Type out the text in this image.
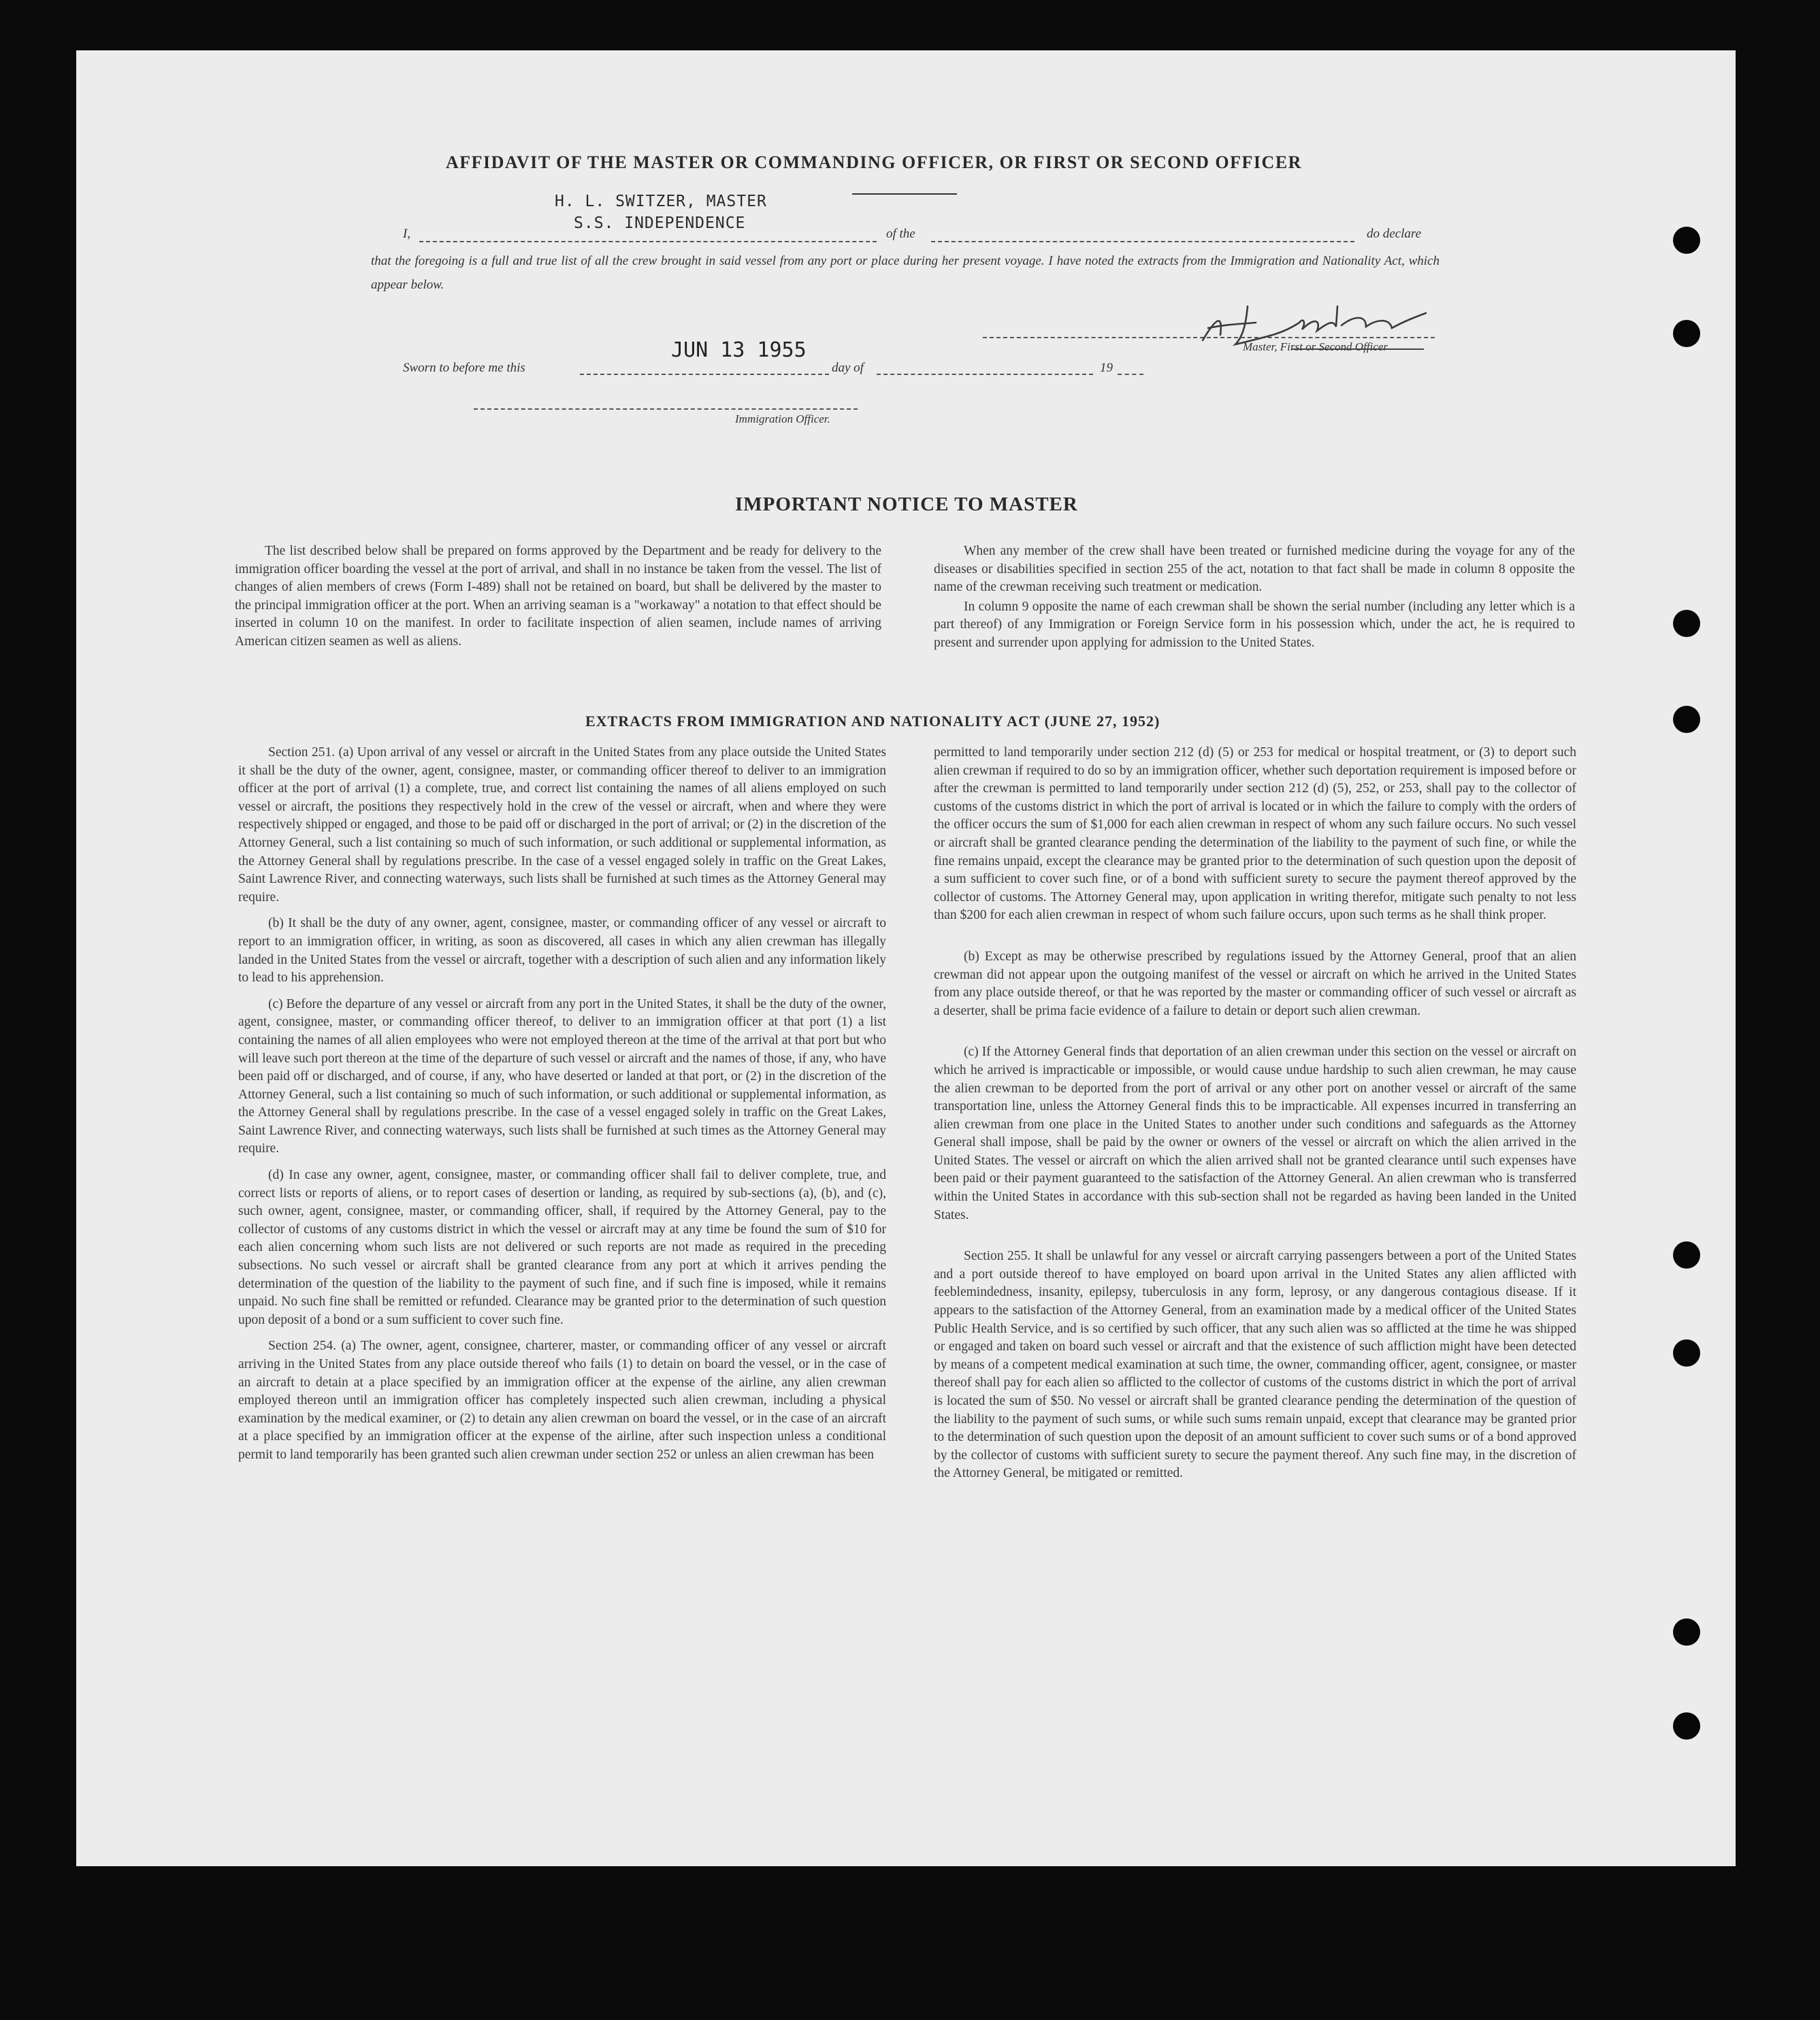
AFFIDAVIT OF THE MASTER OR COMMANDING OFFICER, OR FIRST OR SECOND OFFICER
H. L. SWITZER, MASTER
S.S. INDEPENDENCE
I,	of the	do declare
that the foregoing is a full and true list of all the crew brought in said vessel from any port or place during her present voyage. I have noted the extracts from the Immigration and Nationality Act, which appear below.
Master, First or Second Officer
JUN 13 1955
Sworn to before me this	day of	19
Immigration Officer.
IMPORTANT NOTICE TO MASTER

The list described below shall be prepared on forms approved by the Department and be ready for delivery to the immigration officer boarding the vessel at the port of arrival, and shall in no instance be taken from the vessel. The list of changes of alien members of crews (Form I-489) shall not be retained on board, but shall be delivered by the master to the principal immigration officer at the port. When an arriving seaman is a "workaway" a notation to that effect should be inserted in column 10 on the manifest. In order to facilitate inspection of alien seamen, include names of arriving American citizen seamen as well as aliens.

When any member of the crew shall have been treated or furnished medicine during the voyage for any of the diseases or disabilities specified in section 255 of the act, notation to that fact shall be made in column 8 opposite the name of the crewman receiving such treatment or medication.

In column 9 opposite the name of each crewman shall be shown the serial number (including any letter which is a part thereof) of any Immigration or Foreign Service form in his possession which, under the act, he is required to present and surrender upon applying for admission to the United States.

EXTRACTS FROM IMMIGRATION AND NATIONALITY ACT (JUNE 27, 1952)

Section 251. (a) Upon arrival of any vessel or aircraft in the United States from any place outside the United States it shall be the duty of the owner, agent, consignee, master, or commanding officer thereof to deliver to an immigration officer at the port of arrival (1) a complete, true, and correct list containing the names of all aliens employed on such vessel or aircraft, the positions they respectively hold in the crew of the vessel or aircraft, when and where they were respectively shipped or engaged, and those to be paid off or discharged in the port of arrival; or (2) in the discretion of the Attorney General, such a list containing so much of such information, or such additional or supplemental information, as the Attorney General shall by regulations prescribe. In the case of a vessel engaged solely in traffic on the Great Lakes, Saint Lawrence River, and connecting waterways, such lists shall be furnished at such times as the Attorney General may require.

(b) It shall be the duty of any owner, agent, consignee, master, or commanding officer of any vessel or aircraft to report to an immigration officer, in writing, as soon as discovered, all cases in which any alien crewman has illegally landed in the United States from the vessel or aircraft, together with a description of such alien and any information likely to lead to his apprehension.

(c) Before the departure of any vessel or aircraft from any port in the United States, it shall be the duty of the owner, agent, consignee, master, or commanding officer thereof, to deliver to an immigration officer at that port (1) a list containing the names of all alien employees who were not employed thereon at the time of the arrival at that port but who will leave such port thereon at the time of the departure of such vessel or aircraft and the names of those, if any, who have been paid off or discharged, and of course, if any, who have deserted or landed at that port, or (2) in the discretion of the Attorney General, such a list containing so much of such information, or such additional or supplemental information, as the Attorney General shall by regulations prescribe. In the case of a vessel engaged solely in traffic on the Great Lakes, Saint Lawrence River, and connecting waterways, such lists shall be furnished at such times as the Attorney General may require.

(d) In case any owner, agent, consignee, master, or commanding officer shall fail to deliver complete, true, and correct lists or reports of aliens, or to report cases of desertion or landing, as required by sub-sections (a), (b), and (c), such owner, agent, consignee, master, or commanding officer, shall, if required by the Attorney General, pay to the collector of customs of any customs district in which the vessel or aircraft may at any time be found the sum of $10 for each alien concerning whom such lists are not delivered or such reports are not made as required in the preceding subsections. No such vessel or aircraft shall be granted clearance from any port at which it arrives pending the determination of the question of the liability to the payment of such fine, and if such fine is imposed, while it remains unpaid. No such fine shall be remitted or refunded. Clearance may be granted prior to the determination of such question upon deposit of a bond or a sum sufficient to cover such fine.

Section 254. (a) The owner, agent, consignee, charterer, master, or commanding officer of any vessel or aircraft arriving in the United States from any place outside thereof who fails (1) to detain on board the vessel, or in the case of an aircraft to detain at a place specified by an immigration officer at the expense of the airline, any alien crewman employed thereon until an immigration officer has completely inspected such alien crewman, including a physical examination by the medical examiner, or (2) to detain any alien crewman on board the vessel, or in the case of an aircraft at a place specified by an immigration officer at the expense of the airline, after such inspection unless a conditional permit to land temporarily has been granted such alien crewman under section 252 or unless an alien crewman has been

permitted to land temporarily under section 212 (d) (5) or 253 for medical or hospital treatment, or (3) to deport such alien crewman if required to do so by an immigration officer, whether such deportation requirement is imposed before or after the crewman is permitted to land temporarily under section 212 (d) (5), 252, or 253, shall pay to the collector of customs of the customs district in which the port of arrival is located or in which the failure to comply with the orders of the officer occurs the sum of $1,000 for each alien crewman in respect of whom any such failure occurs. No such vessel or aircraft shall be granted clearance pending the determination of the liability to the payment of such fine, or while the fine remains unpaid, except the clearance may be granted prior to the determination of such question upon the deposit of a sum sufficient to cover such fine, or of a bond with sufficient surety to secure the payment thereof approved by the collector of customs. The Attorney General may, upon application in writing therefor, mitigate such penalty to not less than $200 for each alien crewman in respect of whom such failure occurs, upon such terms as he shall think proper.

(b) Except as may be otherwise prescribed by regulations issued by the Attorney General, proof that an alien crewman did not appear upon the outgoing manifest of the vessel or aircraft on which he arrived in the United States from any place outside thereof, or that he was reported by the master or commanding officer of such vessel or aircraft as a deserter, shall be prima facie evidence of a failure to detain or deport such alien crewman.

(c) If the Attorney General finds that deportation of an alien crewman under this section on the vessel or aircraft on which he arrived is impracticable or impossible, or would cause undue hardship to such alien crewman, he may cause the alien crewman to be deported from the port of arrival or any other port on another vessel or aircraft of the same transportation line, unless the Attorney General finds this to be impracticable. All expenses incurred in transferring an alien crewman from one place in the United States to another under such conditions and safeguards as the Attorney General shall impose, shall be paid by the owner or owners of the vessel or aircraft on which the alien arrived in the United States. The vessel or aircraft on which the alien arrived shall not be granted clearance until such expenses have been paid or their payment guaranteed to the satisfaction of the Attorney General. An alien crewman who is transferred within the United States in accordance with this sub-section shall not be regarded as having been landed in the United States.

Section 255. It shall be unlawful for any vessel or aircraft carrying passengers between a port of the United States and a port outside thereof to have employed on board upon arrival in the United States any alien afflicted with feeblemindedness, insanity, epilepsy, tuberculosis in any form, leprosy, or any dangerous contagious disease. If it appears to the satisfaction of the Attorney General, from an examination made by a medical officer of the United States Public Health Service, and is so certified by such officer, that any such alien was so afflicted at the time he was shipped or engaged and taken on board such vessel or aircraft and that the existence of such affliction might have been detected by means of a competent medical examination at such time, the owner, commanding officer, agent, consignee, or master thereof shall pay for each alien so afflicted to the collector of customs of the customs district in which the port of arrival is located the sum of $50. No vessel or aircraft shall be granted clearance pending the determination of the question of the liability to the payment of such sums, or while such sums remain unpaid, except that clearance may be granted prior to the determination of such question upon the deposit of an amount sufficient to cover such sums or of a bond approved by the collector of customs with sufficient surety to secure the payment thereof. Any such fine may, in the discretion of the Attorney General, be mitigated or remitted.
